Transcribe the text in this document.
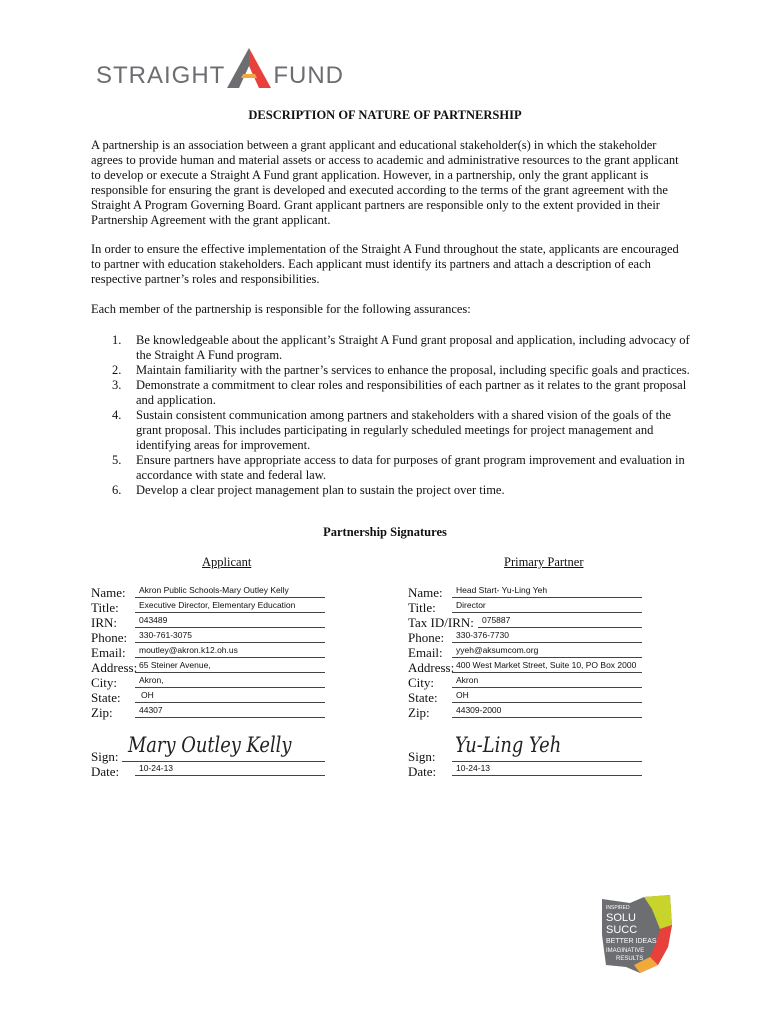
STRAIGHT	A FUND
DESCRIPTION OF NATURE OF PARTNERSHIP

A partnership is an association between a grant applicant and educational stakeholder(s) in which the stakeholder agrees to provide human and material assets or access to academic and administrative resources to the grant applicant to develop or execute a Straight A Fund grant application. However, in a partnership, only the grant applicant is responsible for ensuring the grant is developed and executed according to the terms of the grant agreement with the Straight A Program Governing Board. Grant applicant partners are responsible only to the extent provided in their Partnership Agreement with the grant applicant.

In order to ensure the effective implementation of the Straight A Fund throughout the state, applicants are encouraged to partner with education stakeholders. Each applicant must identify its partners and attach a description of each respective partner’s roles and responsibilities.

Each member of the partnership is responsible for the following assurances:

1. Be knowledgeable about the applicant’s Straight A Fund grant proposal and application, including advocacy of the Straight A Fund program.
2. Maintain familiarity with the partner’s services to enhance the proposal, including specific goals and practices.
3. Demonstrate a commitment to clear roles and responsibilities of each partner as it relates to the grant proposal and application.
4. Sustain consistent communication among partners and stakeholders with a shared vision of the goals of the grant proposal. This includes participating in regularly scheduled meetings for project management and identifying areas for improvement.
5. Ensure partners have appropriate access to data for purposes of grant program improvement and evaluation in accordance with state and federal law.
6. Develop a clear project management plan to sustain the project over time.
Partnership Signatures
Applicant	Primary Partner
Name:	Akron Public Schools-Mary Outley Kelly
Title:	Executive Director, Elementary Education
IRN:	043489
Phone:	330-761-3075
Email:	moutley@akron.k12.oh.us
Address: 65 Steiner Avenue,
City:	Akron,
State:	OH
Zip:	44307
Sign: Mary Outley Kelly
Date:	10-24-13
Name:	Head Start- Yu-Ling Yeh
Title:	Director
Tax ID/IRN: 075887
Phone:	330-376-7730
Email:	yyeh@aksumcom.org
Address: 400 West Market Street, Suite 10, PO Box 2000
City:	Akron
State:	OH
Zip:	44309-2000
Sign: Yu-Ling Yeh
Date:	10-24-13
INSPIRED
SOLU
SUCC
BETTER IDEAS
IMAGINATIVE
RESULTS
